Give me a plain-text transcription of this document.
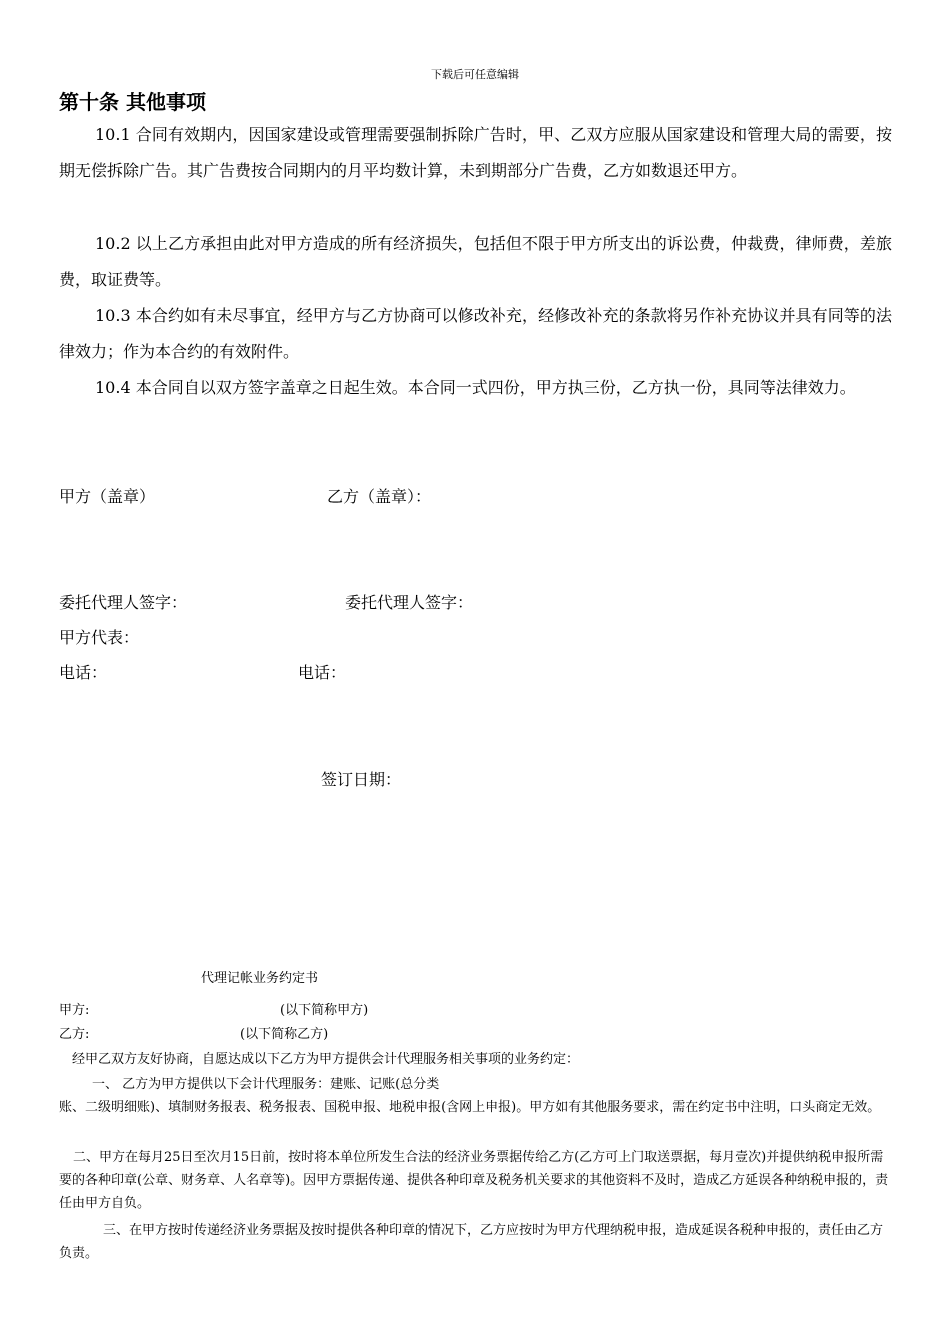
下载后可任意编辑
第十条 其他事项
10.1 合同有效期内，因国家建设或管理需要强制拆除广告时，甲、乙双方应服从国家建设和管理大局的需要，按期无偿拆除广告。其广告费按合同期内的月平均数计算，未到期部分广告费，乙方如数退还甲方。
10.2 以上乙方承担由此对甲方造成的所有经济损失，包括但不限于甲方所支出的诉讼费，仲裁费，律师费，差旅费，取证费等。
10.3 本合约如有未尽事宜，经甲方与乙方协商可以修改补充，经修改补充的条款将另作补充协议并具有同等的法律效力；作为本合约的有效附件。
10.4 本合同自以双方签字盖章之日起生效。本合同一式四份，甲方执三份，乙方执一份，具同等法律效力。
甲方（盖章）	乙方（盖章）：
委托代理人签字：	委托代理人签字：
甲方代表：
电话：	电话：
签订日期：
代理记帐业务约定书
甲方:	(以下简称甲方)
乙方:	(以下简称乙方)
经甲乙双方友好协商，自愿达成以下乙方为甲方提供会计代理服务相关事项的业务约定：
一、 乙方为甲方提供以下会计代理服务：建账、记账(总分类
账、二级明细账)、填制财务报表、税务报表、国税申报、地税申报(含网上申报)。甲方如有其他服务要求，需在约定书中注明，口头商定无效。
二、甲方在每月25日至次月15日前，按时将本单位所发生合法的经济业务票据传给乙方(乙方可上门取送票据，每月壹次)并提供纳税申报所需要的各种印章(公章、财务章、人名章等)。因甲方票据传递、提供各种印章及税务机关要求的其他资料不及时，造成乙方延误各种纳税申报的，责任由甲方自负。
三、在甲方按时传递经济业务票据及按时提供各种印章的情况下，乙方应按时为甲方代理纳税申报，造成延误各税种申报的，责任由乙方负责。
